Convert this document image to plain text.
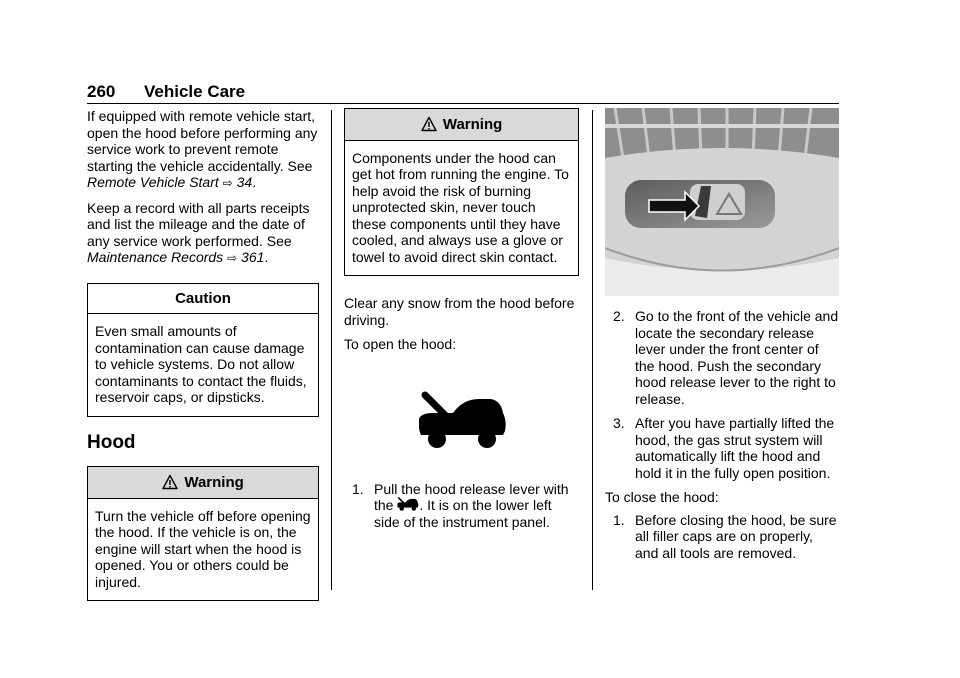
260 Vehicle Care

If equipped with remote vehicle start, open the hood before performing any service work to prevent remote starting the vehicle accidentally. See Remote Vehicle Start ⇨ 34.

Keep a record with all parts receipts and list the mileage and the date of any service work performed. See Maintenance Records ⇨ 361.

Caution
Even small amounts of contamination can cause damage to vehicle systems. Do not allow contaminants to contact the fluids, reservoir caps, or dipsticks.
Hood
Warning
Turn the vehicle off before opening the hood. If the vehicle is on, the engine will start when the hood is opened. You or others could be injured.
Warning
Components under the hood can get hot from running the engine. To help avoid the risk of burning unprotected skin, never touch these components until they have cooled, and always use a glove or towel to avoid direct skin contact.

Clear any snow from the hood before driving.

To open the hood:

1. Pull the hood release lever with the . It is on the lower left side of the instrument panel.
2. Go to the front of the vehicle and locate the secondary release lever under the front center of the hood. Push the secondary hood release lever to the right to release.
3. After you have partially lifted the hood, the gas strut system will automatically lift the hood and hold it in the fully open position.

To close the hood:

1. Before closing the hood, be sure all filler caps are on properly, and all tools are removed.
